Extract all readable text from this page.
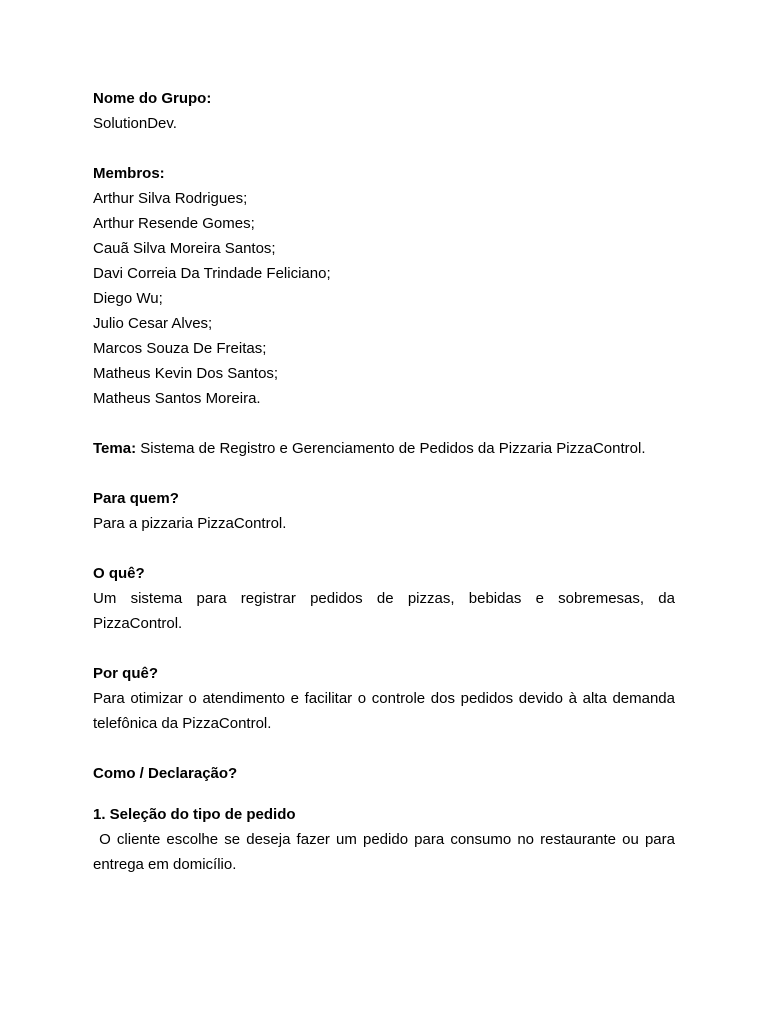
Nome do Grupo:
SolutionDev.
Membros:
Arthur Silva Rodrigues;
Arthur Resende Gomes;
Cauã Silva Moreira Santos;
Davi Correia Da Trindade Feliciano;
Diego Wu;
Julio Cesar Alves;
Marcos Souza De Freitas;
Matheus Kevin Dos Santos;
Matheus Santos Moreira.
Tema: Sistema de Registro e Gerenciamento de Pedidos da Pizzaria PizzaControl.
Para quem?
Para a pizzaria PizzaControl.
O quê?
Um sistema para registrar pedidos de pizzas, bebidas e sobremesas, da
PizzaControl.
Por quê?
Para otimizar o atendimento e facilitar o controle dos pedidos devido à alta demanda
telefônica da PizzaControl.
Como / Declaração?
1. Seleção do tipo de pedido
O cliente escolhe se deseja fazer um pedido para consumo no restaurante ou para
entrega em domicílio.
